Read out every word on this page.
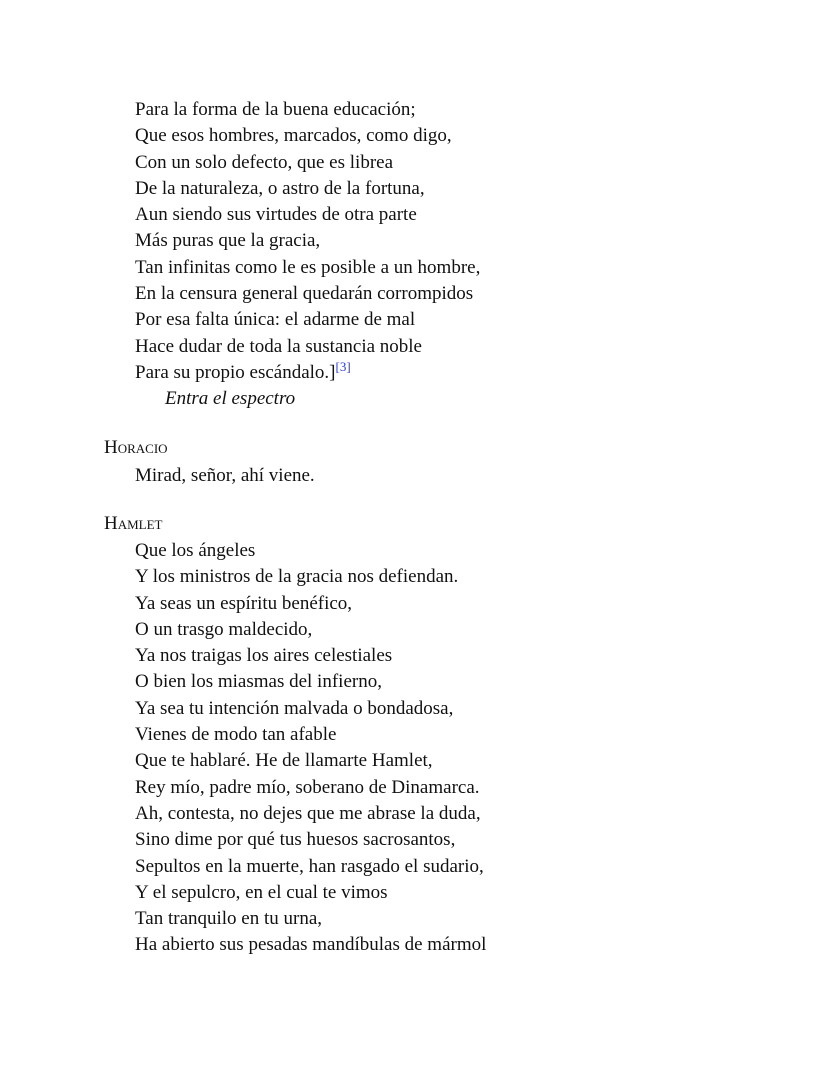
Para la forma de la buena educación;
Que esos hombres, marcados, como digo,
Con un solo defecto, que es librea
De la naturaleza, o astro de la fortuna,
Aun siendo sus virtudes de otra parte
Más puras que la gracia,
Tan infinitas como le es posible a un hombre,
En la censura general quedarán corrompidos
Por esa falta única: el adarme de mal
Hace dudar de toda la sustancia noble
Para su propio escándalo.][3]
Entra el espectro
Horacio
Mirad, señor, ahí viene.
Hamlet
Que los ángeles
Y los ministros de la gracia nos defiendan.
Ya seas un espíritu benéfico,
O un trasgo maldecido,
Ya nos traigas los aires celestiales
O bien los miasmas del infierno,
Ya sea tu intención malvada o bondadosa,
Vienes de modo tan afable
Que te hablaré. He de llamarte Hamlet,
Rey mío, padre mío, soberano de Dinamarca.
Ah, contesta, no dejes que me abrase la duda,
Sino dime por qué tus huesos sacrosantos,
Sepultos en la muerte, han rasgado el sudario,
Y el sepulcro, en el cual te vimos
Tan tranquilo en tu urna,
Ha abierto sus pesadas mandíbulas de mármol
